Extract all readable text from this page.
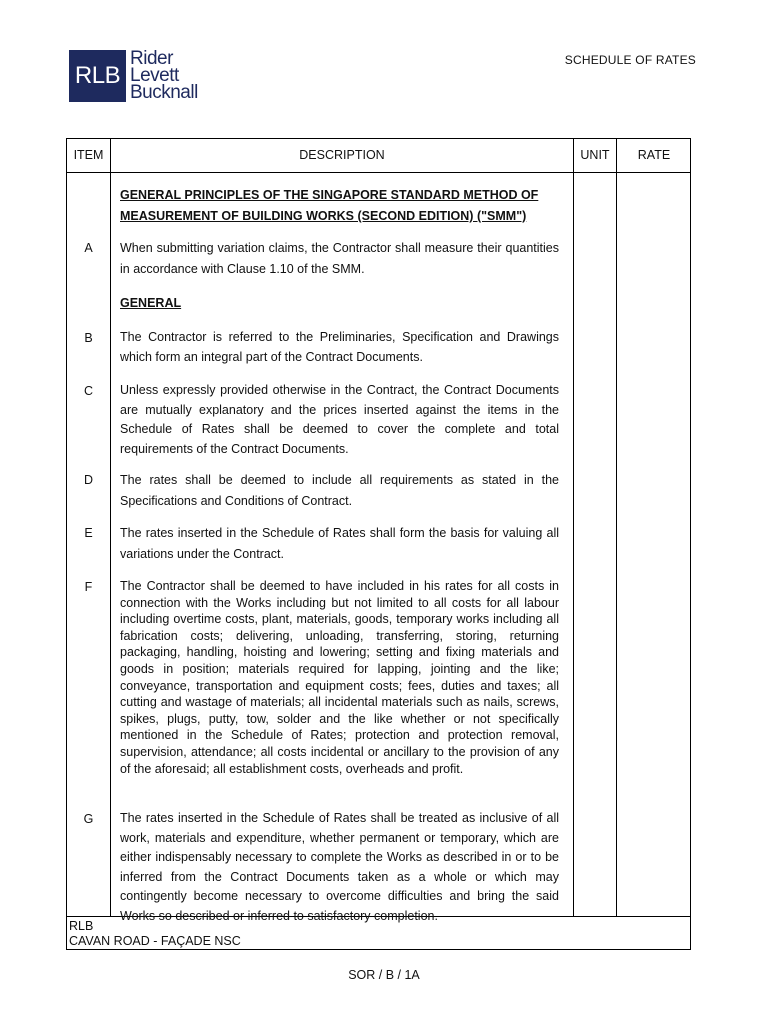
RLB
Rider
Levett
Bucknall
SCHEDULE OF RATES
ITEM	DESCRIPTION	UNIT	RATE
GENERAL PRINCIPLES OF THE SINGAPORE STANDARD METHOD OF MEASUREMENT OF BUILDING WORKS (SECOND EDITION) ("SMM")
A	When submitting variation claims, the Contractor shall measure their quantities in accordance with Clause 1.10 of the SMM.
GENERAL
B	The Contractor is referred to the Preliminaries, Specification and Drawings which form an integral part of the Contract Documents.
C	Unless expressly provided otherwise in the Contract, the Contract Documents are mutually explanatory and the prices inserted against the items in the Schedule of Rates shall be deemed to cover the complete and total requirements of the Contract Documents.
D	The rates shall be deemed to include all requirements as stated in the Specifications and Conditions of Contract.
E	The rates inserted in the Schedule of Rates shall form the basis for valuing all variations under the Contract.
F	The Contractor shall be deemed to have included in his rates for all costs in connection with the Works including but not limited to all costs for all labour including overtime costs, plant, materials, goods, temporary works including all fabrication costs; delivering, unloading, transferring, storing, returning packaging, handling, hoisting and lowering; setting and fixing materials and goods in position; materials required for lapping, jointing and the like; conveyance, transportation and equipment costs; fees, duties and taxes; all cutting and wastage of materials; all incidental materials such as nails, screws, spikes, plugs, putty, tow, solder and the like whether or not specifically mentioned in the Schedule of Rates; protection and protection removal, supervision, attendance; all costs incidental or ancillary to the provision of any of the aforesaid; all establishment costs, overheads and profit.
G	The rates inserted in the Schedule of Rates shall be treated as inclusive of all work, materials and expenditure, whether permanent or temporary, which are either indispensably necessary to complete the Works as described in or to be inferred from the Contract Documents taken as a whole or which may contingently become necessary to overcome difficulties and bring the said Works so described or inferred to satisfactory completion.
RLB
CAVAN ROAD - FAÇADE NSC
SOR / B / 1A
